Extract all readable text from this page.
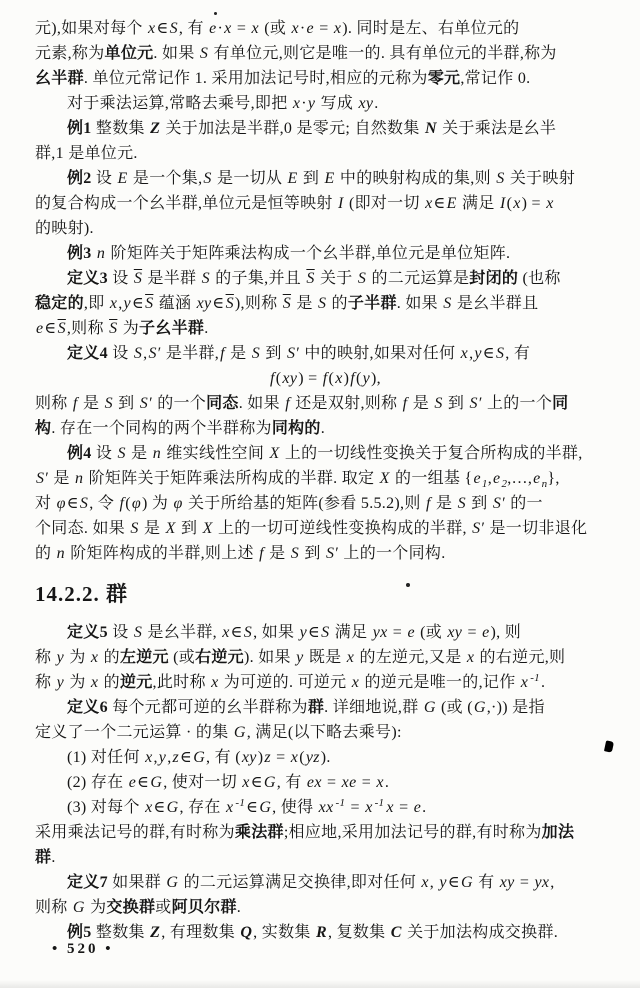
元),如果对每个 x∈S, 有 e·x = x (或 x·e = x). 同时是左、右单位元的
元素,称为单位元. 如果 S 有单位元,则它是唯一的. 具有单位元的半群,称为
幺半群. 单位元常记作 1. 采用加法记号时,相应的元称为零元,常记作 0.
对于乘法运算,常略去乘号,即把 x·y 写成 xy.
例1 整数集 Z 关于加法是半群,0 是零元; 自然数集 N 关于乘法是幺半
群,1 是单位元.
例2 设 E 是一个集,S 是一切从 E 到 E 中的映射构成的集,则 S 关于映射
的复合构成一个幺半群,单位元是恒等映射 I (即对一切 x∈E 满足 I(x) = x
的映射).
例3 n 阶矩阵关于矩阵乘法构成一个幺半群,单位元是单位矩阵.
定义3 设 $\overline{S}$ 是半群 S 的子集,并且 $\overline{S}$ 关于 S 的二元运算是封闭的 (也称
稳定的,即 $x,y\in\overline{S}$ 蕴涵 $xy\in\overline{S}$),则称 $\overline{S}$ 是 S 的子半群. 如果 S 是幺半群且
$e\in\overline{S}$,则称 $\overline{S}$ 为子幺半群.
定义4 设 S,S′ 是半群,f 是 S 到 S′ 中的映射,如果对任何 x,y∈S, 有
f(xy) = f(x)f(y),
则称 f 是 S 到 S′ 的一个同态. 如果 f 还是双射,则称 f 是 S 到 S′ 上的一个同
构. 存在一个同构的两个半群称为同构的.
例4 设 S 是 n 维实线性空间 X 上的一切线性变换关于复合所构成的半群,
S′ 是 n 阶矩阵关于矩阵乘法所构成的半群. 取定 X 的一组基 $\{e_1,e_2,\dots,e_n\}$,
对 φ∈S, 令 f(φ) 为 φ 关于所给基的矩阵(参看 5.5.2),则 f 是 S 到 S′ 的一
个同态. 如果 S 是 X 到 X 上的一切可逆线性变换构成的半群, S′ 是一切非退化
的 n 阶矩阵构成的半群,则上述 f 是 S 到 S′ 上的一个同构.
14.2.2. 群
定义5 设 S 是幺半群, x∈S, 如果 y∈S 满足 yx = e (或 xy = e), 则
称 y 为 x 的左逆元 (或右逆元). 如果 y 既是 x 的左逆元,又是 x 的右逆元,则
称 y 为 x 的逆元,此时称 x 为可逆的. 可逆元 x 的逆元是唯一的,记作 x $^{-1}$.
定义6 每个元都可逆的幺半群称为群. 详细地说,群 G (或 (G,·)) 是指
定义了一个二元运算 · 的集 G, 满足(以下略去乘号):
(1) 对任何 x,y,z∈G, 有 (xy)z = x(yz).
(2) 存在 e∈G, 使对一切 x∈G, 有 ex = xe = x.
(3) 对每个 x∈G, 存在 x $^{-1}$∈G, 使得 xx $^{-1}$ = x $^{-1}$ x = e.
采用乘法记号的群,有时称为乘法群;相应地,采用加法记号的群,有时称为加法
群.
定义7 如果群 G 的二元运算满足交换律,即对任何 x, y∈G 有 xy = yx,
则称 G 为交换群或阿贝尔群.
例5 整数集 Z, 有理数集 Q, 实数集 R, 复数集 C 关于加法构成交换群.
• 520 •
